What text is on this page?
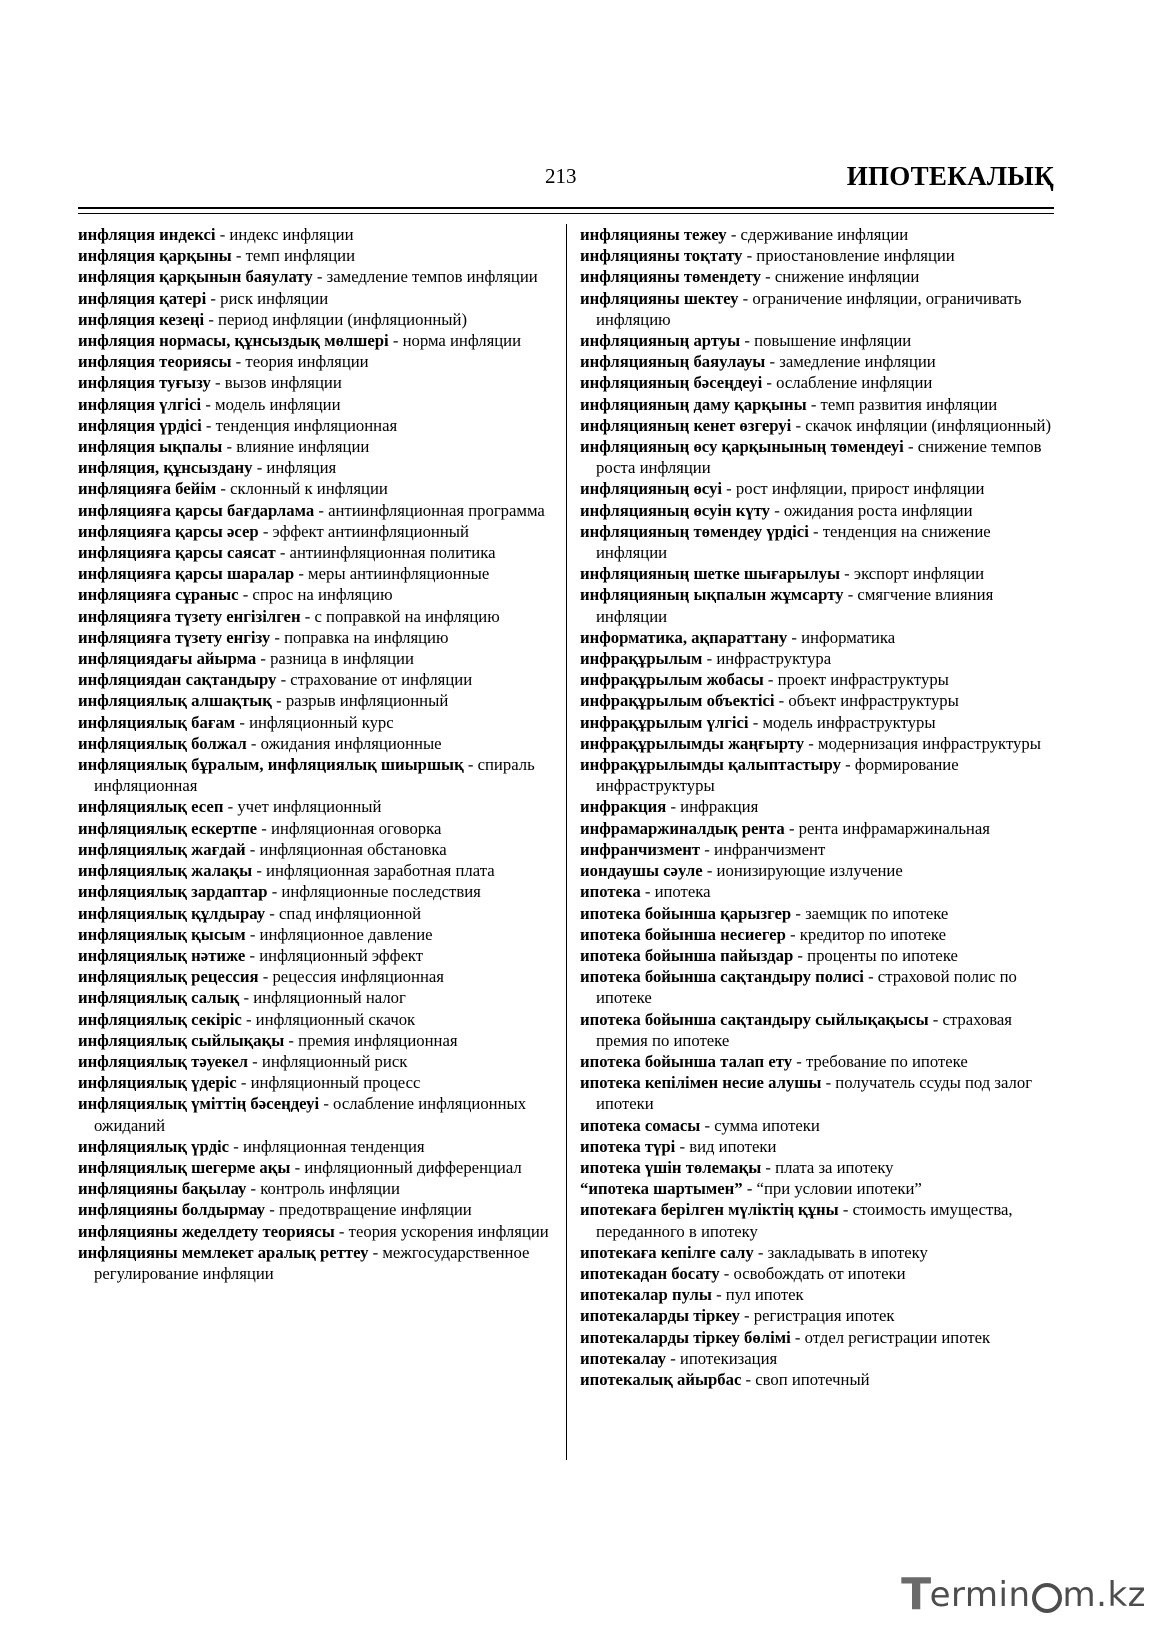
213	ИПОТЕКАЛЫҚ

инфляция индексі - индекс инфляции

инфляция қарқыны - темп инфляции

инфляция қарқынын баяулату - замедление темпов инфляции

инфляция қатері - риск инфляции

инфляция кезеңі - период инфляции (инфляционный)

инфляция нормасы, құнсыздық мөлшері - норма инфляции

инфляция теориясы - теория инфляции

инфляция туғызу - вызов инфляции

инфляция үлгісі - модель инфляции

инфляция үрдісі - тенденция инфляционная

инфляция ықпалы - влияние инфляции

инфляция, құнсыздану - инфляция

инфляцияға бейім - склонный к инфляции

инфляцияға қарсы бағдарлама - антиинфляционная программа

инфляцияға қарсы әсер - эффект антиинфляционный

инфляцияға қарсы саясат - антиинфляционная политика

инфляцияға қарсы шаралар - меры антиинфляционные

инфляцияға сұраныс - спрос на инфляцию

инфляцияға түзету енгізілген - с поправкой на инфляцию

инфляцияға түзету енгізу - поправка на инфляцию

инфляциядағы айырма - разница в инфляции

инфляциядан сақтандыру - страхование от инфляции

инфляциялық алшақтық - разрыв инфляционный

инфляциялық бағам - инфляционный курс

инфляциялық болжал - ожидания инфляционные

инфляциялық бұралым, инфляциялық шиыршық - спираль инфляционная

инфляциялық есеп - учет инфляционный

инфляциялық ескертпе - инфляционная оговорка

инфляциялық жағдай - инфляционная обстановка

инфляциялық жалақы - инфляционная заработная плата

инфляциялық зардаптар - инфляционные последствия

инфляциялық құлдырау - спад инфляционной

инфляциялық қысым - инфляционное давление

инфляциялық нәтиже - инфляционный эффект

инфляциялық рецессия - рецессия инфляционная

инфляциялық салық - инфляционный налог

инфляциялық секіріс - инфляционный скачок

инфляциялық сыйлықақы - премия инфляционная

инфляциялық тәуекел - инфляционный риск

инфляциялық үдеріс - инфляционный процесс

инфляциялық үміттің бәсеңдеуі - ослабление инфляционных ожиданий

инфляциялық үрдіс - инфляционная тенденция

инфляциялық шегерме ақы - инфляционный дифференциал

инфляцияны бақылау - контроль инфляции

инфляцияны болдырмау - предотвращение инфляции

инфляцияны жеделдету теориясы - теория ускорения инфляции

инфляцияны мемлекет аралық реттеу - межгосударственное регулирование инфляции

инфляцияны тежеу - сдерживание инфляции

инфляцияны тоқтату - приостановление инфляции

инфляцияны төмендету - снижение инфляции

инфляцияны шектеу - ограничение инфляции, ограничивать инфляцию

инфляцияның артуы - повышение инфляции

инфляцияның баяулауы - замедление инфляции

инфляцияның бәсеңдеуі - ослабление инфляции

инфляцияның даму қарқыны - темп развития инфляции

инфляцияның кенет өзгеруі - скачок инфляции (инфляционный)

инфляцияның өсу қарқынының төмендеуі - снижение темпов роста инфляции

инфляцияның өсуі - рост инфляции, прирост инфляции

инфляцияның өсуін күту - ожидания роста инфляции

инфляцияның төмендеу үрдісі - тенденция на снижение инфляции

инфляцияның шетке шығарылуы - экспорт инфляции

инфляцияның ықпалын жұмсарту - смягчение влияния инфляции

информатика, ақпараттану - информатика

инфрақұрылым - инфраструктура

инфрақұрылым жобасы - проект инфраструктуры

инфрақұрылым объектісі - объект инфраструктуры

инфрақұрылым үлгісі - модель инфраструктуры

инфрақұрылымды жаңғырту - модернизация инфраструктуры

инфрақұрылымды қалыптастыру - формирование инфраструктуры

инфракция - инфракция

инфрамаржиналдық рента - рента инфрамаржинальная

инфранчизмент - инфранчизмент

иондаушы сәуле - ионизирующие излучение

ипотека - ипотека

ипотека бойынша қарызгер - заемщик по ипотеке

ипотека бойынша несиегер - кредитор по ипотеке

ипотека бойынша пайыздар - проценты по ипотеке

ипотека бойынша сақтандыру полисі - страховой полис по ипотеке

ипотека бойынша сақтандыру сыйлықақысы - страховая премия по ипотеке

ипотека бойынша талап ету - требование по ипотеке

ипотека кепілімен несие алушы - получатель ссуды под залог ипотеки

ипотека сомасы - сумма ипотеки

ипотека түрі - вид ипотеки

ипотека үшін төлемақы - плата за ипотеку

“ипотека шартымен” - “при условии ипотеки”

ипотекаға берілген мүліктің құны - стоимость имущества, переданного в ипотеку

ипотекаға кепілге салу - закладывать в ипотеку

ипотекадан босату - освобождать от ипотеки

ипотекалар пулы - пул ипотек

ипотекаларды тіркеу - регистрация ипотек

ипотекаларды тіркеу бөлімі - отдел регистрации ипотек

ипотекалау - ипотекизация

ипотекалық айырбас - своп ипотечный

T
ermin m.kz
